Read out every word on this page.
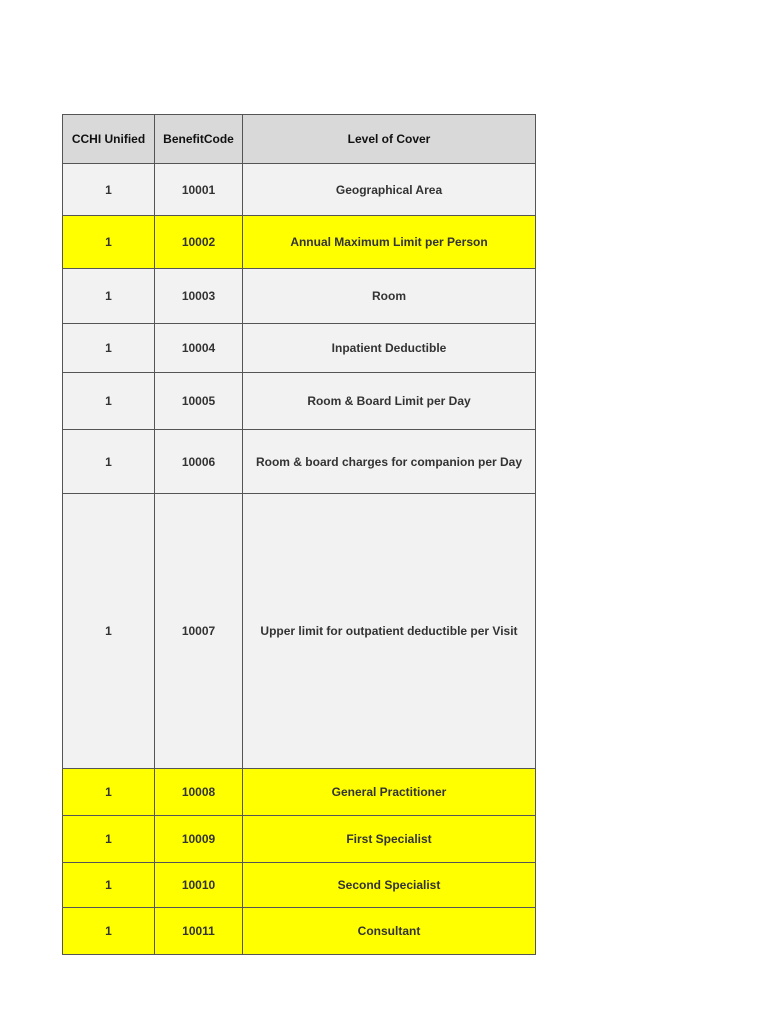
CCHI Unified	BenefitCode	Level of Cover
1	10001	Geographical Area
1	10002	Annual Maximum Limit per Person
1	10003	Room
1	10004	Inpatient Deductible
1	10005	Room & Board Limit per Day
1	10006	Room & board charges for companion per Day
1	10007	Upper limit for outpatient deductible per Visit
1	10008	General Practitioner
1	10009	First Specialist
1	10010	Second Specialist
1	10011	Consultant
